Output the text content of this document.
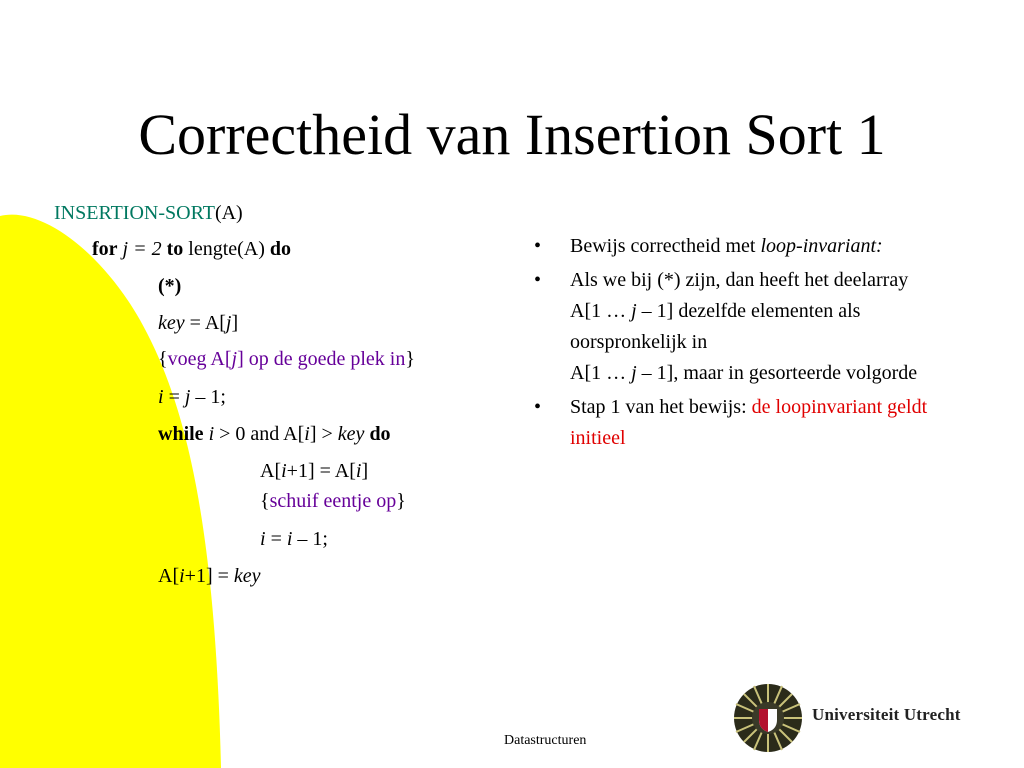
Correctheid van Insertion Sort 1
INSERTION-SORT(A)
for j = 2 to lengte(A) do
(*)
key = A[j]
{voeg A[j] op de goede plek in}
i = j – 1;
while i > 0 and A[i] > key do
A[i+1] = A[i]
{schuif eentje op}
i = i – 1;
A[i+1] = key
• Bewijs correctheid met loop-invariant:
• Als we bij (*) zijn, dan heeft het deelarray
A[1 … j – 1] dezelfde elementen als oorspronkelijk in
A[1 … j – 1], maar in gesorteerde volgorde
• Stap 1 van het bewijs: de loopinvariant geldt initieel
Universiteit Utrecht
Datastructuren
